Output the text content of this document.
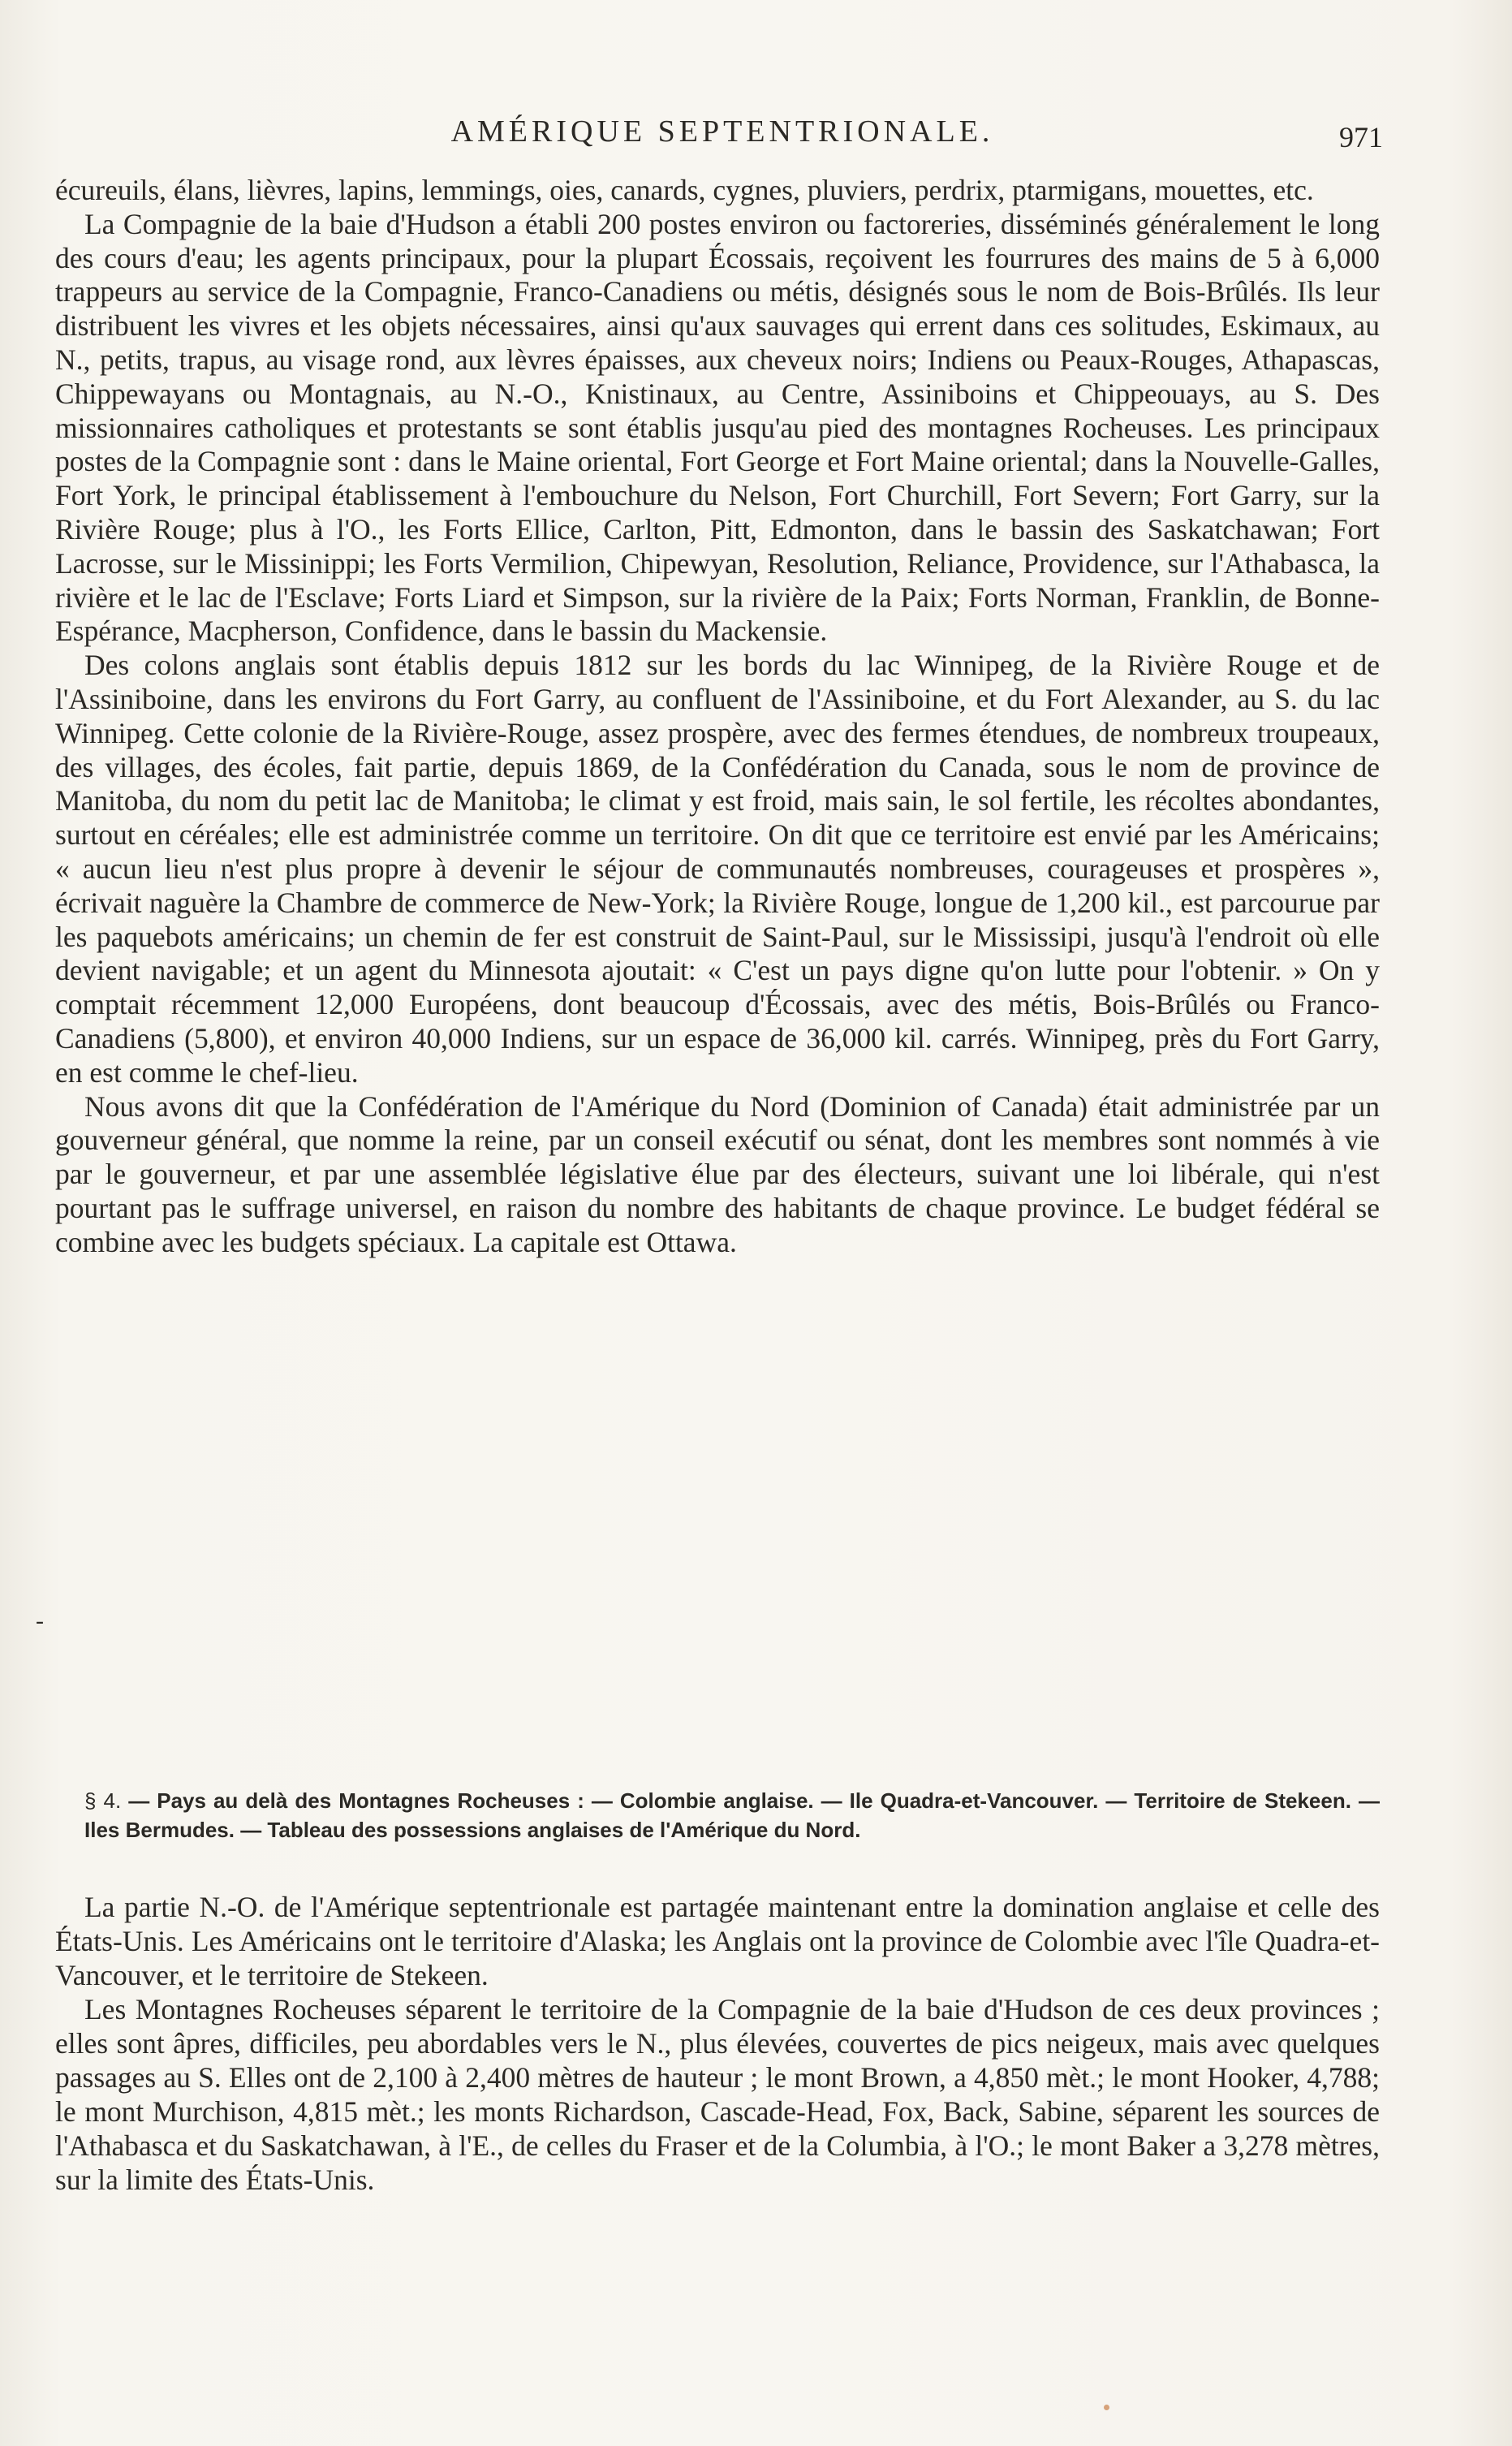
AMÉRIQUE SEPTENTRIONALE.	971

écureuils, élans, lièvres, lapins, lemmings, oies, canards, cygnes, pluviers, perdrix, ptarmigans, mouettes, etc.

La Compagnie de la baie d'Hudson a établi 200 postes environ ou factoreries, disséminés généralement le long des cours d'eau; les agents principaux, pour la plupart Écossais, reçoivent les fourrures des mains de 5 à 6,000 trappeurs au service de la Compagnie, Franco-Canadiens ou métis, désignés sous le nom de Bois-Brûlés. Ils leur distribuent les vivres et les objets nécessaires, ainsi qu'aux sauvages qui errent dans ces solitudes, Eskimaux, au N., petits, trapus, au visage rond, aux lèvres épaisses, aux cheveux noirs; Indiens ou Peaux-Rouges, Athapascas, Chippewayans ou Montagnais, au N.-O., Knistinaux, au Centre, Assiniboins et Chippeouays, au S. Des missionnaires catholiques et protestants se sont établis jusqu'au pied des montagnes Rocheuses. Les principaux postes de la Compagnie sont : dans le Maine oriental, Fort George et Fort Maine oriental; dans la Nouvelle-Galles, Fort York, le principal établissement à l'embouchure du Nelson, Fort Churchill, Fort Severn; Fort Garry, sur la Rivière Rouge; plus à l'O., les Forts Ellice, Carlton, Pitt, Edmonton, dans le bassin des Saskatchawan; Fort Lacrosse, sur le Missinippi; les Forts Vermilion, Chipewyan, Resolution, Reliance, Providence, sur l'Athabasca, la rivière et le lac de l'Esclave; Forts Liard et Simpson, sur la rivière de la Paix; Forts Norman, Franklin, de Bonne-Espérance, Macpherson, Confidence, dans le bassin du Mackensie.

Des colons anglais sont établis depuis 1812 sur les bords du lac Winnipeg, de la Rivière Rouge et de l'Assiniboine, dans les environs du Fort Garry, au confluent de l'Assiniboine, et du Fort Alexander, au S. du lac Winnipeg. Cette colonie de la Rivière-Rouge, assez prospère, avec des fermes étendues, de nombreux troupeaux, des villages, des écoles, fait partie, depuis 1869, de la Confédération du Canada, sous le nom de province de Manitoba, du nom du petit lac de Manitoba; le climat y est froid, mais sain, le sol fertile, les récoltes abondantes, surtout en céréales; elle est administrée comme un territoire. On dit que ce territoire est envié par les Américains; « aucun lieu n'est plus propre à devenir le séjour de communautés nombreuses, courageuses et prospères », écrivait naguère la Chambre de commerce de New-York; la Rivière Rouge, longue de 1,200 kil., est parcourue par les paquebots américains; un chemin de fer est construit de Saint-Paul, sur le Mississipi, jusqu'à l'endroit où elle devient navigable; et un agent du Minnesota ajoutait: « C'est un pays digne qu'on lutte pour l'obtenir. » On y comptait récemment 12,000 Européens, dont beaucoup d'Écossais, avec des métis, Bois-Brûlés ou Franco-Canadiens (5,800), et environ 40,000 Indiens, sur un espace de 36,000 kil. carrés. Winnipeg, près du Fort Garry, en est comme le chef-lieu.

Nous avons dit que la Confédération de l'Amérique du Nord (Dominion of Canada) était administrée par un gouverneur général, que nomme la reine, par un conseil exécutif ou sénat, dont les membres sont nommés à vie par le gouverneur, et par une assemblée législative élue par des électeurs, suivant une loi libérale, qui n'est pourtant pas le suffrage universel, en raison du nombre des habitants de chaque province. Le budget fédéral se combine avec les budgets spéciaux. La capitale est Ottawa.

-
§ 4. — Pays au delà des Montagnes Rocheuses : — Colombie anglaise. — Ile Quadra-et-Vancouver. — Territoire de Stekeen. — Iles Bermudes. — Tableau des possessions anglaises de l'Amérique du Nord.

La partie N.-O. de l'Amérique septentrionale est partagée maintenant entre la domination anglaise et celle des États-Unis. Les Américains ont le territoire d'Alaska; les Anglais ont la province de Colombie avec l'île Quadra-et-Vancouver, et le territoire de Stekeen.

Les Montagnes Rocheuses séparent le territoire de la Compagnie de la baie d'Hudson de ces deux provinces ; elles sont âpres, difficiles, peu abordables vers le N., plus élevées, couvertes de pics neigeux, mais avec quelques passages au S. Elles ont de 2,100 à 2,400 mètres de hauteur ; le mont Brown, a 4,850 mèt.; le mont Hooker, 4,788; le mont Murchison, 4,815 mèt.; les monts Richardson, Cascade-Head, Fox, Back, Sabine, séparent les sources de l'Athabasca et du Saskatchawan, à l'E., de celles du Fraser et de la Columbia, à l'O.; le mont Baker a 3,278 mètres, sur la limite des États-Unis.
